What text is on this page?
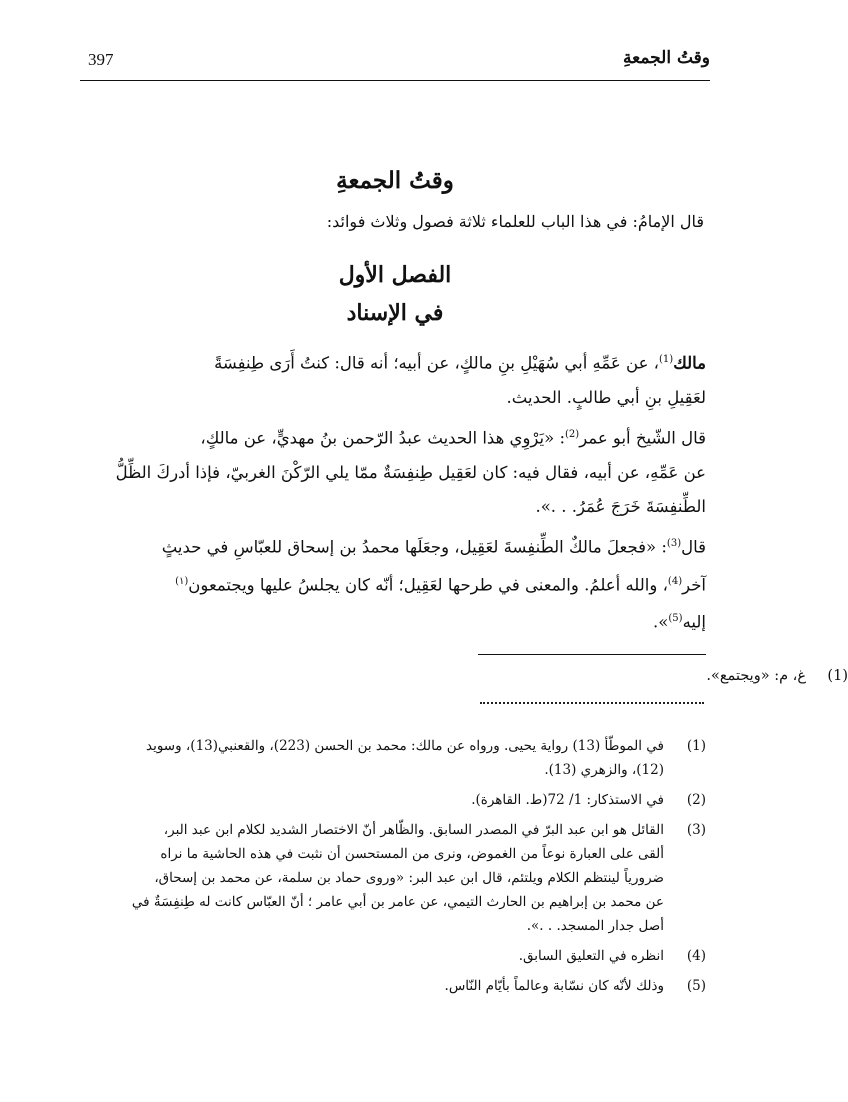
397	وقتُ الجمعةِ
وقتُ الجمعةِ
قال الإمامُ: في هذا الباب للعلماء ثلاثة فصول وثلاث فوائد:
الفصل الأول
في الإسناد
مالك$^{(1)}$، عن عَمِّهِ أبي سُهَيْلِ بنِ مالكٍ، عن أبيه؛ أنه قال: كنتُ أَرَى طِنفِسَةً
لعَقِيلِ بنِ أبي طالبٍ. الحديث.
قال الشّيخ أبو عمر$^{(2)}$: «يَرْوِي هذا الحديث عبدُ الرّحمن بنُ مهديٍّ، عن مالكٍ،
عن عَمِّهِ، عن أبيه، فقال فيه: كان لعَقِيل طِنفِسَةٌ ممّا يلي الرّكْنَ الغربيّ، فإذا أدركَ الظِّلُّ
الطِّنفِسَةَ خَرَجَ عُمَرُ. . .».
قال$^{(3)}$: «فجعلَ مالكٌ الطِّنفِسةَ لعَقِيل، وجعَلَها محمدُ بن إسحاق للعبّاسِ في حديثٍ
آخر$^{(4)}$، والله أعلمُ. والمعنى في طرحها لعَقِيل؛ أنّه كان يجلسُ عليها ويجتمعون$^{(١)}$
إليه$^{(5)}$».
(1)
غ، م: «ويجتمع».
(1)
في الموطّأ (13) رواية يحيى. ورواه عن مالك: محمد بن الحسن (223)، والقعنبي(13)، وسويد
(12)، والزهري (13).
(2)
في الاستذكار: 1/ 72(ط. القاهرة).
(3)
القائل هو ابن عبد البرّ في المصدر السابق. والظّاهر أنّ الاختصار الشديد لكلام ابن عبد البر،
ألقى على العبارة نوعاً من الغموض، ونرى من المستحسن أن نثبت في هذه الحاشية ما نراه
ضرورياً لينتظم الكلام ويلتئم، قال ابن عبد البر: «وروى حماد بن سلمة، عن محمد بن إسحاق،
عن محمد بن إبراهيم بن الحارث التيمي، عن عامر بن أبي عامر ؛ أنّ العبّاس كانت له طِنفِسَةٌ في
أصل جدار المسجد. . .».
(4)
انظره في التعليق السابق.
(5)
وذلك لأنّه كان نسّابة وعالماً بأيّام النّاس.
